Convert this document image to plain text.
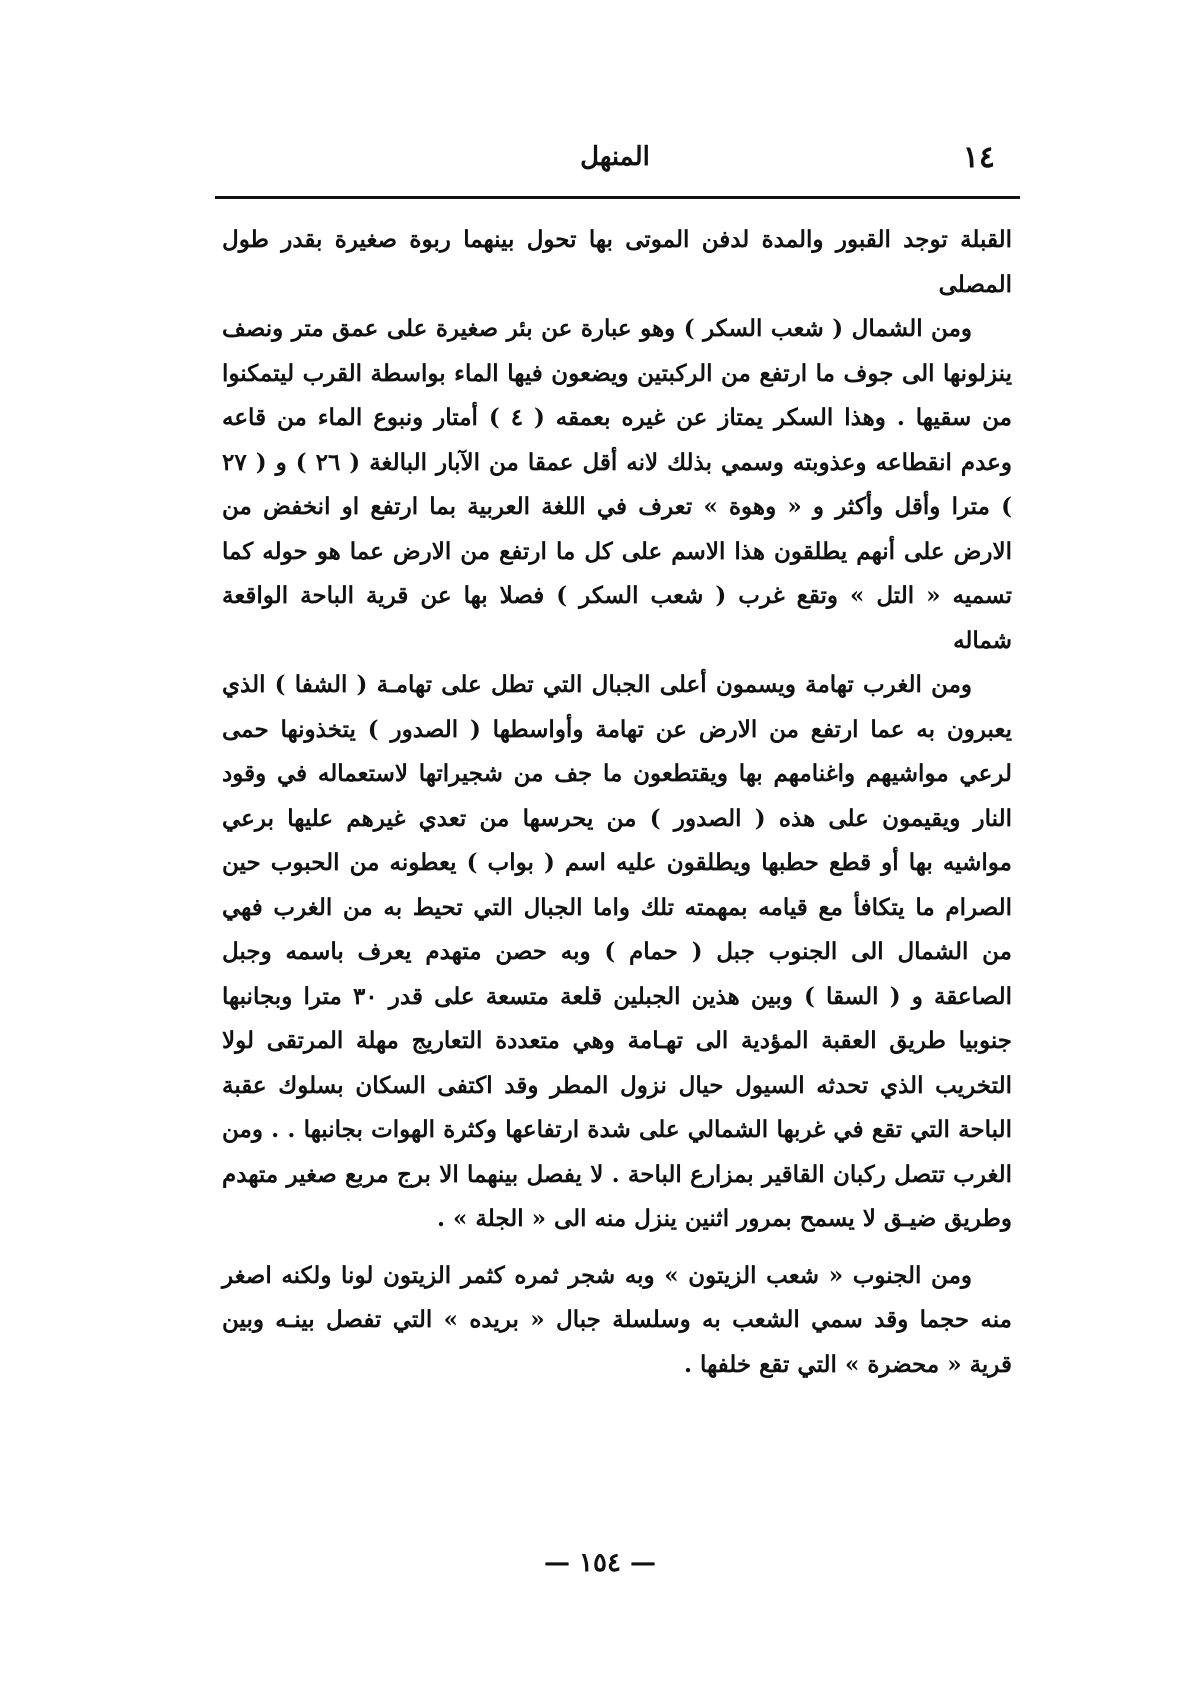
١٤
المنهل

القبلة توجد القبور والمدة لدفن الموتى بها تحول بينهما ربوة صغيرة بقدر طول المصلى

ومن الشمال ( شعب السكر ) وهو عبارة عن بئر صغيرة على عمق متر ونصف ينزلونها الى جوف ما ارتفع من الركبتين ويضعون فيها الماء بواسطة القرب ليتمكنوا من سقيها . وهذا السكر يمتاز عن غيره بعمقه ( ٤ ) أمتار ونبوع الماء من قاعه وعدم انقطاعه وعذوبته وسمي بذلك لانه أقل عمقا من الآبار البالغة ( ٢٦ ) و ( ٢٧ ) مترا وأقل وأكثر و « وهوة » تعرف في اللغة العربية بما ارتفع او انخفض من الارض على أنهم يطلقون هذا الاسم على كل ما ارتفع من الارض عما هو حوله كما تسميه « التل » وتقع غرب ( شعب السكر ) فصلا بها عن قرية الباحة الواقعة شماله

ومن الغرب تهامة ويسمون أعلى الجبال التي تطل على تهامـة ( الشفا ) الذي يعبرون به عما ارتفع من الارض عن تهامة وأواسطها ( الصدور ) يتخذونها حمى لرعي مواشيهم واغنامهم بها ويقتطعون ما جف من شجيراتها لاستعماله في وقود النار ويقيمون على هذه ( الصدور ) من يحرسها من تعدي غيرهم عليها برعي مواشيه بها أو قطع حطبها ويطلقون عليه اسم ( بواب ) يعطونه من الحبوب حين الصرام ما يتكافأ مع قيامه بمهمته تلك واما الجبال التي تحيط به من الغرب فهي من الشمال الى الجنوب جبل ( حمام ) وبه حصن متهدم يعرف باسمه وجبل الصاعقة و ( السقا ) وبين هذين الجبلين قلعة متسعة على قدر ٣٠ مترا وبجانبها جنوبيا طريق العقبة المؤدية الى تهـامة وهي متعددة التعاريج مهلة المرتقى لولا التخريب الذي تحدثه السيول حيال نزول المطر وقد اكتفى السكان بسلوك عقبة الباحة التي تقع في غربها الشمالي على شدة ارتفاعها وكثرة الهوات بجانبها . . ومن الغرب تتصل ركبان القاقير بمزارع الباحة . لا يفصل بينهما الا برج مربع صغير متهدم وطريق ضيـق لا يسمح بمرور اثنين ينزل منه الى « الجلة » .

ومن الجنوب « شعب الزيتون » وبه شجر ثمره كثمر الزيتون لونا ولكنه اصغر منه حجما وقد سمي الشعب به وسلسلة جبال « بريده » التي تفصل بينـه وبين قرية « محضرة » التي تقع خلفها .

— ١٥٤ —
